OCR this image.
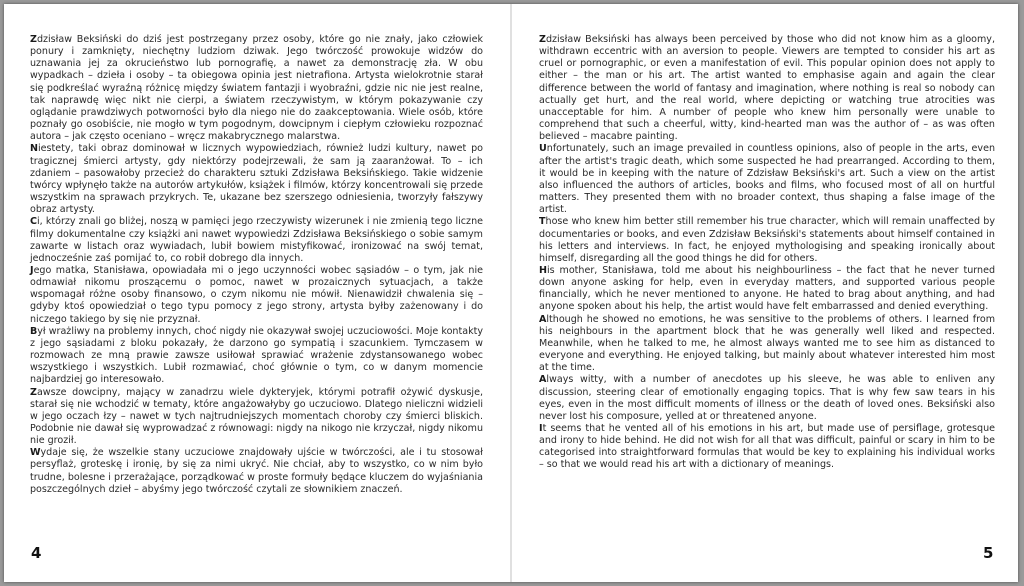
Zdzisław Beksiński do dziś jest postrzegany przez osoby, które go nie znały, jako człowiek ponury i zamknięty, niechętny ludziom dziwak. Jego twórczość prowokuje widzów do uznawania jej za okrucieństwo lub pornografię, a nawet za demonstrację zła. W obu wypadkach – dzieła i osoby – ta obiegowa opinia jest nietrafiona. Artysta wielokrotnie starał się podkreślać wyraźną różnicę między światem fantazji i wyobraźni, gdzie nic nie jest realne, tak naprawdę więc nikt nie cierpi, a światem rzeczywistym, w którym pokazywanie czy oglądanie prawdziwych potworności było dla niego nie do zaakceptowania. Wiele osób, które poznały go osobiście, nie mogło w tym pogodnym, dowcipnym i ciepłym człowieku rozpoznać autora – jak często oceniano – wręcz makabrycznego malarstwa.

Niestety, taki obraz dominował w licznych wypowiedziach, również ludzi kultury, nawet po tragicznej śmierci artysty, gdy niektórzy podejrzewali, że sam ją zaaranżował. To – ich zdaniem – pasowałoby przecież do charakteru sztuki Zdzisława Beksińskiego. Takie widzenie twórcy wpłynęło także na autorów artykułów, książek i filmów, którzy koncentrowali się przede wszystkim na sprawach przykrych. Te, ukazane bez szerszego odniesienia, tworzyły fałszywy obraz artysty.

Ci, którzy znali go bliżej, noszą w pamięci jego rzeczywisty wizerunek i nie zmienią tego liczne filmy dokumentalne czy książki ani nawet wypowiedzi Zdzisława Beksińskiego o sobie samym zawarte w listach oraz wywiadach, lubił bowiem mistyfikować, ironizować na swój temat, jednocześnie zaś pomijać to, co robił dobrego dla innych.

Jego matka, Stanisława, opowiadała mi o jego uczynności wobec sąsiadów – o tym, jak nie odmawiał nikomu proszącemu o pomoc, nawet w prozaicznych sytuacjach, a także wspomagał różne osoby finansowo, o czym nikomu nie mówił. Nienawidził chwalenia się – gdyby ktoś opowiedział o tego typu pomocy z jego strony, artysta byłby zażenowany i do niczego takiego by się nie przyznał.

Był wrażliwy na problemy innych, choć nigdy nie okazywał swojej uczuciowości. Moje kontakty z jego sąsiadami z bloku pokazały, że darzono go sympatią i szacunkiem. Tymczasem w rozmowach ze mną prawie zawsze usiłował sprawiać wrażenie zdystansowanego wobec wszystkiego i wszystkich. Lubił rozmawiać, choć głównie o tym, co w danym momencie najbardziej go interesowało.

Zawsze dowcipny, mający w zanadrzu wiele dykteryjek, którymi potrafił ożywić dyskusje, starał się nie wchodzić w tematy, które angażowałyby go uczuciowo. Dlatego nieliczni widzieli w jego oczach łzy – nawet w tych najtrudniejszych momentach choroby czy śmierci bliskich. Podobnie nie dawał się wyprowadzać z równowagi: nigdy na nikogo nie krzyczał, nigdy nikomu nie groził.

Wydaje się, że wszelkie stany uczuciowe znajdowały ujście w twórczości, ale i tu stosował persyflaż, groteskę i ironię, by się za nimi ukryć. Nie chciał, aby to wszystko, co w nim było trudne, bolesne i przerażające, porządkować w proste formuły będące kluczem do wyjaśniania poszczególnych dzieł – abyśmy jego twórczość czytali ze słownikiem znaczeń.

4

Zdzisław Beksiński has always been perceived by those who did not know him as a gloomy, withdrawn eccentric with an aversion to people. Viewers are tempted to consider his art as cruel or pornographic, or even a manifestation of evil. This popular opinion does not apply to either – the man or his art. The artist wanted to emphasise again and again the clear difference between the world of fantasy and imagination, where nothing is real so nobody can actually get hurt, and the real world, where depicting or watching true atrocities was unacceptable for him. A number of people who knew him personally were unable to comprehend that such a cheerful, witty, kind-hearted man was the author of – as was often believed – macabre painting.

Unfortunately, such an image prevailed in countless opinions, also of people in the arts, even after the artist's tragic death, which some suspected he had prearranged. According to them, it would be in keeping with the nature of Zdzisław Beksiński's art. Such a view on the artist also influenced the authors of articles, books and films, who focused most of all on hurtful matters. They presented them with no broader context, thus shaping a false image of the artist.

Those who knew him better still remember his true character, which will remain unaffected by documentaries or books, and even Zdzisław Beksiński's statements about himself contained in his letters and interviews. In fact, he enjoyed mythologising and speaking ironically about himself, disregarding all the good things he did for others.

His mother, Stanisława, told me about his neighbourliness – the fact that he never turned down anyone asking for help, even in everyday matters, and supported various people financially, which he never mentioned to anyone. He hated to brag about anything, and had anyone spoken about his help, the artist would have felt embarrassed and denied everything.

Although he showed no emotions, he was sensitive to the problems of others. I learned from his neighbours in the apartment block that he was generally well liked and respected. Meanwhile, when he talked to me, he almost always wanted me to see him as distanced to everyone and everything. He enjoyed talking, but mainly about whatever interested him most at the time.

Always witty, with a number of anecdotes up his sleeve, he was able to enliven any discussion, steering clear of emotionally engaging topics. That is why few saw tears in his eyes, even in the most difficult moments of illness or the death of loved ones. Beksiński also never lost his composure, yelled at or threatened anyone.

It seems that he vented all of his emotions in his art, but made use of persiflage, grotesque and irony to hide behind. He did not wish for all that was difficult, painful or scary in him to be categorised into straightforward formulas that would be key to explaining his individual works – so that we would read his art with a dictionary of meanings.

5
